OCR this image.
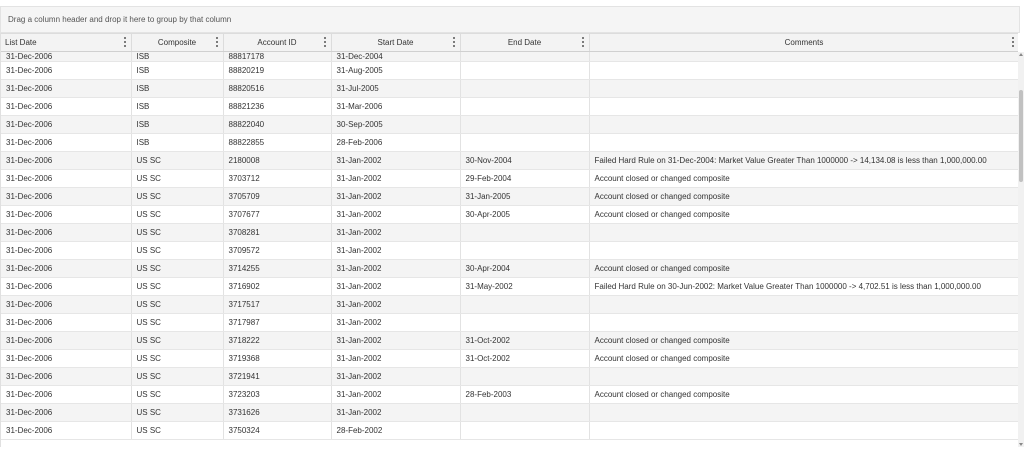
Drag a column header and drop it here to group by that column
List Date	Composite	Account ID	Start Date	End Date	Comments

31-Dec-2006	ISB	88817178	31-Dec-2004		
31-Dec-2006	ISB	88820219	31-Aug-2005		
31-Dec-2006	ISB	88820516	31-Jul-2005		
31-Dec-2006	ISB	88821236	31-Mar-2006		
31-Dec-2006	ISB	88822040	30-Sep-2005		
31-Dec-2006	ISB	88822855	28-Feb-2006		
31-Dec-2006	US SC	2180008	31-Jan-2002	30-Nov-2004	Failed Hard Rule on 31-Dec-2004: Market Value Greater Than 1000000 -> 14,134.08 is less than 1,000,000.00
31-Dec-2006	US SC	3703712	31-Jan-2002	29-Feb-2004	Account closed or changed composite
31-Dec-2006	US SC	3705709	31-Jan-2002	31-Jan-2005	Account closed or changed composite
31-Dec-2006	US SC	3707677	31-Jan-2002	30-Apr-2005	Account closed or changed composite
31-Dec-2006	US SC	3708281	31-Jan-2002		
31-Dec-2006	US SC	3709572	31-Jan-2002		
31-Dec-2006	US SC	3714255	31-Jan-2002	30-Apr-2004	Account closed or changed composite
31-Dec-2006	US SC	3716902	31-Jan-2002	31-May-2002	Failed Hard Rule on 30-Jun-2002: Market Value Greater Than 1000000 -> 4,702.51 is less than 1,000,000.00
31-Dec-2006	US SC	3717517	31-Jan-2002		
31-Dec-2006	US SC	3717987	31-Jan-2002		
31-Dec-2006	US SC	3718222	31-Jan-2002	31-Oct-2002	Account closed or changed composite
31-Dec-2006	US SC	3719368	31-Jan-2002	31-Oct-2002	Account closed or changed composite
31-Dec-2006	US SC	3721941	31-Jan-2002		
31-Dec-2006	US SC	3723203	31-Jan-2002	28-Feb-2003	Account closed or changed composite
31-Dec-2006	US SC	3731626	31-Jan-2002		
31-Dec-2006	US SC	3750324	28-Feb-2002		
